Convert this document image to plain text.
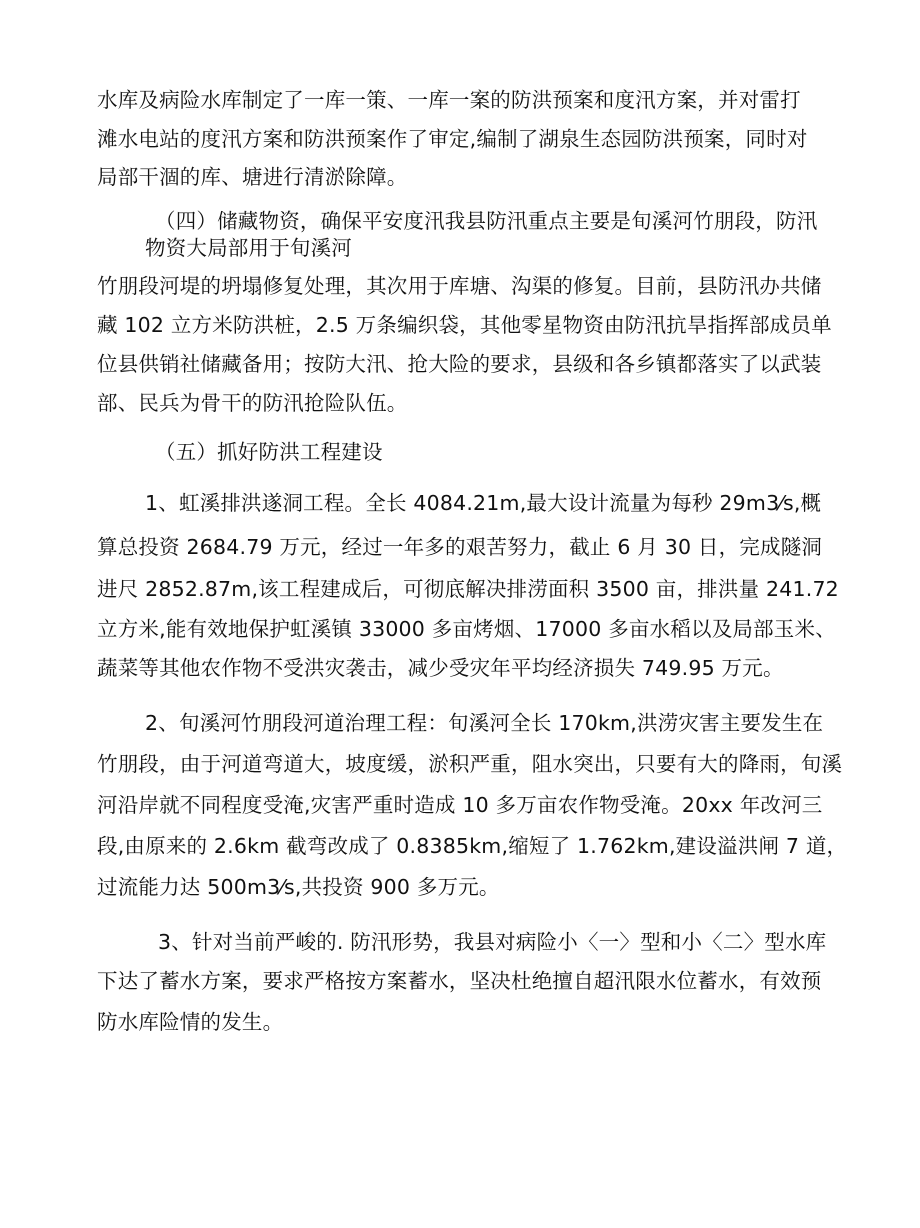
水库及病险水库制定了一库一策、一库一案的防洪预案和度汛方案，并对雷打
滩水电站的度汛方案和防洪预案作了审定,编制了湖泉生态园防洪预案，同时对
局部干涸的库、塘进行清淤除障。
（四）储藏物资，确保平安度汛我县防汛重点主要是旬溪河竹朋段，防汛
物资大局部用于旬溪河
竹朋段河堤的坍塌修复处理，其次用于库塘、沟渠的修复。目前，县防汛办共储
藏 102 立方米防洪桩，2.5 万条编织袋，其他零星物资由防汛抗旱指挥部成员单
位县供销社储藏备用；按防大汛、抢大险的要求，县级和各乡镇都落实了以武装
部、民兵为骨干的防汛抢险队伍。
（五）抓好防洪工程建设
1、虹溪排洪遂洞工程。全长 4084.21m,最大设计流量为每秒 29m3⁄s,概
算总投资 2684.79 万元，经过一年多的艰苦努力，截止 6 月 30 日，完成隧洞
进尺 2852.87m,该工程建成后，可彻底解决排涝面积 3500 亩，排洪量 241.72
立方米,能有效地保护虹溪镇 33000 多亩烤烟、17000 多亩水稻以及局部玉米、
蔬菜等其他农作物不受洪灾袭击，减少受灾年平均经济损失 749.95 万元。
2、旬溪河竹朋段河道治理工程：旬溪河全长 170km,洪涝灾害主要发生在
竹朋段，由于河道弯道大，坡度缓，淤积严重，阻水突出，只要有大的降雨，旬溪
河沿岸就不同程度受淹,灾害严重时造成 10 多万亩农作物受淹。20xx 年改河三
段,由原来的 2.6km 截弯改成了 0.8385km,缩短了 1.762km,建设溢洪闸 7 道，
过流能力达 500m3⁄s,共投资 900 多万元。
3、针对当前严峻的. 防汛形势，我县对病险小〈一〉型和小〈二〉型水库
下达了蓄水方案，要求严格按方案蓄水，坚决杜绝擅自超汛限水位蓄水，有效预
防水库险情的发生。
